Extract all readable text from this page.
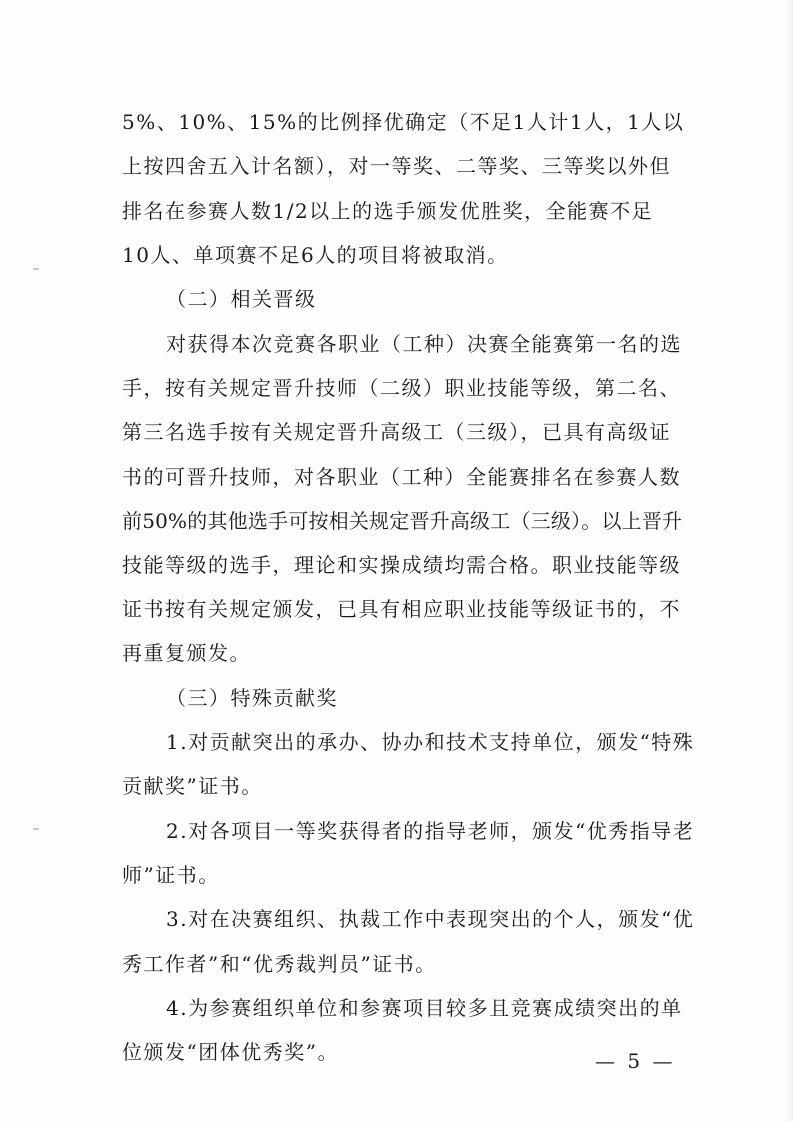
5%、10%、15%的比例择优确定（不足1人计1人，1人以
上按四舍五入计名额），对一等奖、二等奖、三等奖以外但
排名在参赛人数1/2以上的选手颁发优胜奖，全能赛不足
10人、单项赛不足6人的项目将被取消。
（二）相关晋级
对获得本次竞赛各职业（工种）决赛全能赛第一名的选
手，按有关规定晋升技师（二级）职业技能等级，第二名、
第三名选手按有关规定晋升高级工（三级），已具有高级证
书的可晋升技师，对各职业（工种）全能赛排名在参赛人数
前50%的其他选手可按相关规定晋升高级工（三级）。以上晋升
技能等级的选手，理论和实操成绩均需合格。职业技能等级
证书按有关规定颁发，已具有相应职业技能等级证书的，不
再重复颁发。
（三）特殊贡献奖
1.对贡献突出的承办、协办和技术支持单位，颁发“特殊
贡献奖”证书。
2.对各项目一等奖获得者的指导老师，颁发“优秀指导老
师”证书。
3.对在决赛组织、执裁工作中表现突出的个人，颁发“优
秀工作者”和“优秀裁判员”证书。
4.为参赛组织单位和参赛项目较多且竞赛成绩突出的单
位颁发“团体优秀奖”。	— 5 —
